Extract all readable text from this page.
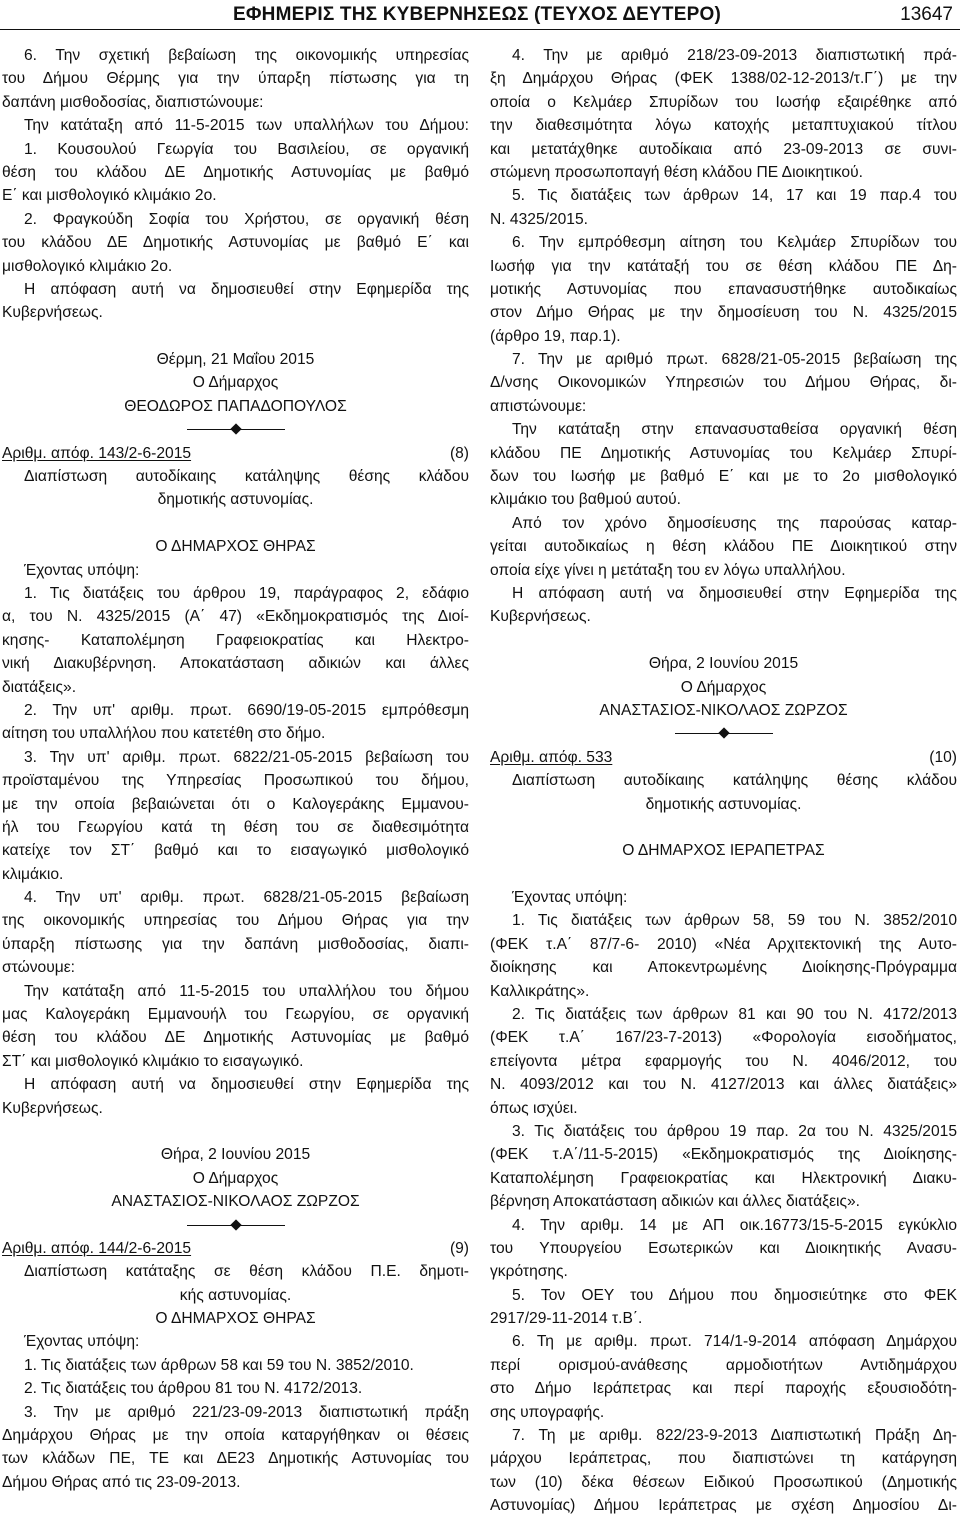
ΕΦΗΜΕΡΙΣ ΤΗΣ ΚΥΒΕΡΝΗΣΕΩΣ (ΤΕΥΧΟΣ ΔΕΥΤΕΡΟ)	13647
6. Την σχετική βεβαίωση της οικονομικής υπηρεσίας
του Δήμου Θέρμης για την ύπαρξη πίστωσης για τη
δαπάνη μισθοδοσίας, διαπιστώνουμε:
Την κατάταξη από 11-5-2015 των υπαλλήλων του Δήμου:
1. Κουσουλού Γεωργία του Βασιλείου, σε οργανική
θέση του κλάδου ΔΕ Δημοτικής Αστυνομίας με βαθμό
Ε΄ και μισθολογικό κλιμάκιο 2ο.
2. Φραγκούδη Σοφία του Χρήστου, σε οργανική θέση
του κλάδου ΔΕ Δημοτικής Αστυνομίας με βαθμό Ε΄ και
μισθολογικό κλιμάκιο 2ο.
Η απόφαση αυτή να δημοσιευθεί στην Εφημερίδα της
Κυβερνήσεως.
Θέρμη, 21 Μαΐου 2015
Ο Δήμαρχος
ΘΕΟΔΩΡΟΣ ΠΑΠΑΔΟΠΟΥΛΟΣ
Αριθμ. απόφ. 143/2-6-2015	(8)
Διαπίστωση αυτοδίκαιης κατάληψης θέσης κλάδου
δημοτικής αστυνομίας.
Ο ΔΗΜΑΡΧΟΣ ΘΗΡΑΣ
Έχοντας υπόψη:
1. Τις διατάξεις του άρθρου 19, παράγραφος 2, εδάφιο
α, του Ν. 4325/2015 (Α΄ 47) «Εκδημοκρατισμός της Διοί-
κησης- Καταπολέμηση Γραφειοκρατίας και Ηλεκτρο-
νική Διακυβέρνηση. Αποκατάσταση αδικιών και άλλες
διατάξεις».
2. Την υπ' αριθμ. πρωτ. 6690/19-05-2015 εμπρόθεσμη
αίτηση του υπαλλήλου που κατετέθη στο δήμο.
3. Την υπ' αριθμ. πρωτ. 6822/21-05-2015 βεβαίωση του
προϊσταμένου της Υπηρεσίας Προσωπικού του δήμου,
με την οποία βεβαιώνεται ότι ο Καλογεράκης Εμμανου-
ήλ του Γεωργίου κατά τη θέση του σε διαθεσιμότητα
κατείχε τον ΣΤ΄ βαθμό και το εισαγωγικό μισθολογικό
κλιμάκιο.
4. Την υπ' αριθμ. πρωτ. 6828/21-05-2015 βεβαίωση
της οικονομικής υπηρεσίας του Δήμου Θήρας για την
ύπαρξη πίστωσης για την δαπάνη μισθοδοσίας, διαπι-
στώνουμε:
Την κατάταξη από 11-5-2015 του υπαλλήλου του δήμου
μας Καλογεράκη Εμμανουήλ του Γεωργίου, σε οργανική
θέση του κλάδου ΔΕ Δημοτικής Αστυνομίας με βαθμό
ΣΤ΄ και μισθολογικό κλιμάκιο το εισαγωγικό.
Η απόφαση αυτή να δημοσιευθεί στην Εφημερίδα της
Κυβερνήσεως.
Θήρα, 2 Ιουνίου 2015
Ο Δήμαρχος
ΑΝΑΣΤΑΣΙΟΣ-ΝΙΚΟΛΑΟΣ ΖΩΡΖΟΣ
Αριθμ. απόφ. 144/2-6-2015	(9)
Διαπίστωση κατάταξης σε θέση κλάδου Π.Ε. δημοτι-
κής αστυνομίας.
Ο ΔΗΜΑΡΧΟΣ ΘΗΡΑΣ
Έχοντας υπόψη:
1. Τις διατάξεις των άρθρων 58 και 59 του Ν. 3852/2010.
2. Τις διατάξεις του άρθρου 81 του Ν. 4172/2013.
3. Την με αριθμό 221/23-09-2013 διαπιστωτική πράξη
Δημάρχου Θήρας με την οποία καταργήθηκαν οι θέσεις
των κλάδων ΠΕ, ΤΕ και ΔΕ23 Δημοτικής Αστυνομίας του
Δήμου Θήρας από τις 23-09-2013.
4. Την με αριθμό 218/23-09-2013 διαπιστωτική πρά-
ξη Δημάρχου Θήρας (ΦΕΚ 1388/02-12-2013/τ.Γ΄) με την
οποία ο Κελμάερ Σπυρίδων του Ιωσήφ εξαιρέθηκε από
την διαθεσιμότητα λόγω κατοχής μεταπτυχιακού τίτλου
και μετατάχθηκε αυτοδίκαια από 23-09-2013 σε συνι-
στώμενη προσωποπαγή θέση κλάδου ΠΕ Διοικητικού.
5. Τις διατάξεις των άρθρων 14, 17 και 19 παρ.4 του
Ν. 4325/2015.
6. Την εμπρόθεσμη αίτηση του Κελμάερ Σπυρίδων του
Ιωσήφ για την κατάταξή του σε θέση κλάδου ΠΕ Δη-
μοτικής Αστυνομίας που επανασυστήθηκε αυτοδικαίως
στον Δήμο Θήρας με την δημοσίευση του Ν. 4325/2015
(άρθρο 19, παρ.1).
7. Την με αριθμό πρωτ. 6828/21-05-2015 βεβαίωση της
Δ/νσης Οικονομικών Υπηρεσιών του Δήμου Θήρας, δι-
απιστώνουμε:
Την κατάταξη στην επανασυσταθείσα οργανική θέση
κλάδου ΠΕ Δημοτικής Αστυνομίας του Κελμάερ Σπυρί-
δων του Ιωσήφ με βαθμό Ε΄ και με το 2ο μισθολογικό
κλιμάκιο του βαθμού αυτού.
Από τον χρόνο δημοσίευσης της παρούσας καταρ-
γείται αυτοδικαίως η θέση κλάδου ΠΕ Διοικητικού στην
οποία είχε γίνει η μετάταξη του εν λόγω υπαλλήλου.
Η απόφαση αυτή να δημοσιευθεί στην Εφημερίδα της
Κυβερνήσεως.
Θήρα, 2 Ιουνίου 2015
Ο Δήμαρχος
ΑΝΑΣΤΑΣΙΟΣ-ΝΙΚΟΛΑΟΣ ΖΩΡΖΟΣ
Αριθμ. απόφ. 533	(10)
Διαπίστωση αυτοδίκαιης κατάληψης θέσης κλάδου
δημοτικής αστυνομίας.
Ο ΔΗΜΑΡΧΟΣ ΙΕΡΑΠΕΤΡΑΣ
Έχοντας υπόψη:
1. Τις διατάξεις των άρθρων 58, 59 του Ν. 3852/2010
(ΦΕΚ τ.Α΄ 87/7-6- 2010) «Νέα Αρχιτεκτονική της Αυτο-
διοίκησης και Αποκεντρωμένης Διοίκησης-Πρόγραμμα
Καλλικράτης».
2. Τις διατάξεις των άρθρων 81 και 90 του Ν. 4172/2013
(ΦΕΚ τ.Α΄ 167/23-7-2013) «Φορολογία εισοδήματος,
επείγοντα μέτρα εφαρμογής του Ν. 4046/2012, του
Ν. 4093/2012 και του Ν. 4127/2013 και άλλες διατάξεις»
όπως ισχύει.
3. Τις διατάξεις του άρθρου 19 παρ. 2α του Ν. 4325/2015
(ΦΕΚ τ.Α΄/11-5-2015) «Εκδημοκρατισμός της Διοίκησης-
Καταπολέμηση Γραφειοκρατίας και Ηλεκτρονική Διακυ-
βέρνηση Αποκατάσταση αδικιών και άλλες διατάξεις».
4. Την αριθμ. 14 με ΑΠ οικ.16773/15-5-2015 εγκύκλιο
του Υπουργείου Εσωτερικών και Διοικητικής Ανασυ-
γκρότησης.
5. Τον ΟΕΥ του Δήμου που δημοσιεύτηκε στο ΦΕΚ
2917/29-11-2014 τ.Β΄.
6. Τη με αριθμ. πρωτ. 714/1-9-2014 απόφαση Δημάρχου
περί ορισμού-ανάθεσης αρμοδιοτήτων Αντιδημάρχου
στο Δήμο Ιεράπετρας και περί παροχής εξουσιοδότη-
σης υπογραφής.
7. Τη με αριθμ. 822/23-9-2013 Διαπιστωτική Πράξη Δη-
μάρχου Ιεράπετρας, που διαπιστώνει τη κατάργηση
των (10) δέκα θέσεων Ειδικού Προσωπικού (Δημοτικής
Αστυνομίας) Δήμου Ιεράπετρας με σχέση Δημοσίου Δι-
